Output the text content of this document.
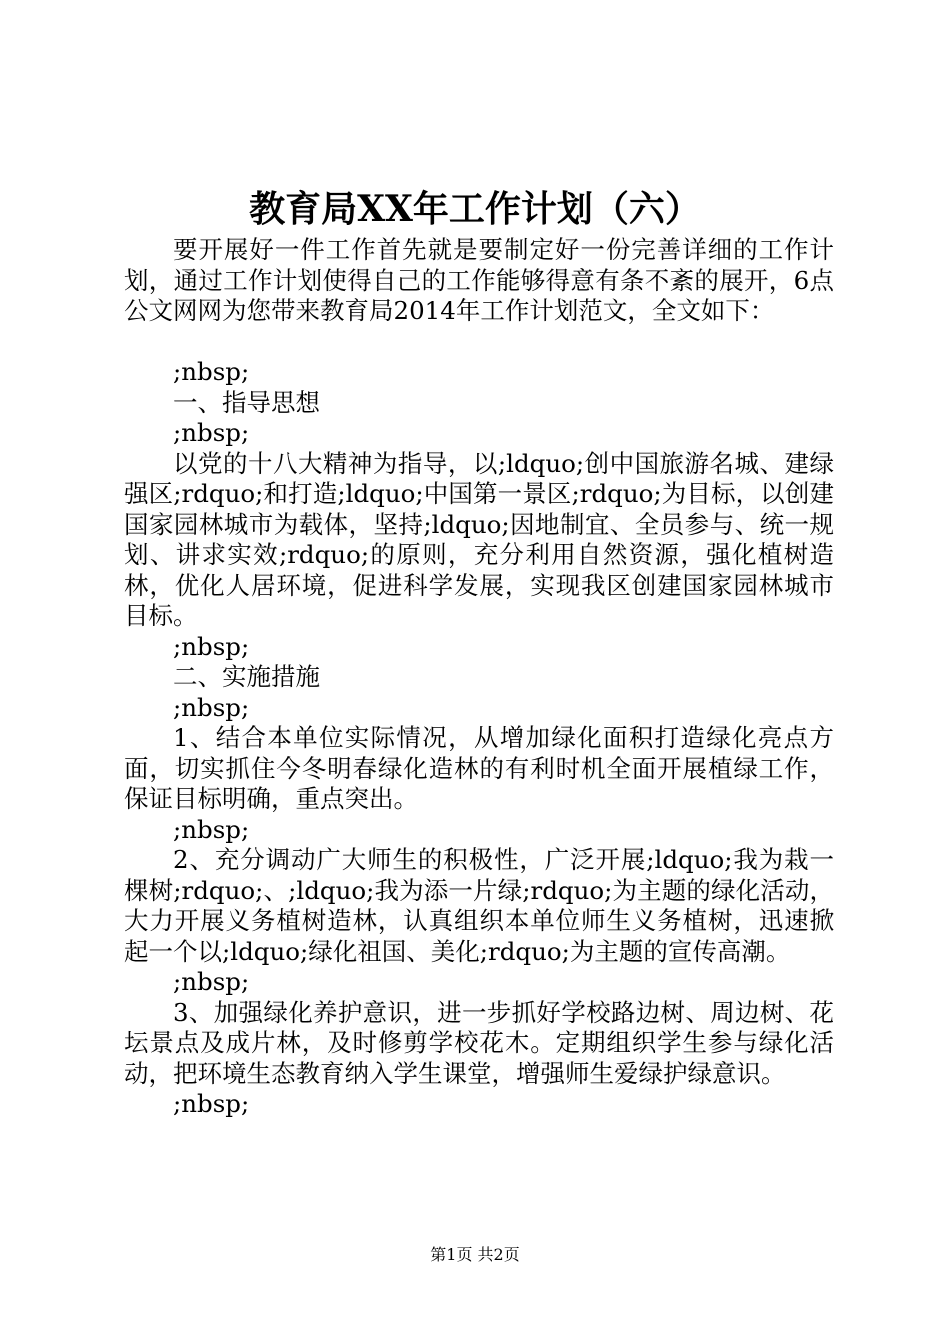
教育局XX年工作计划（六）

要开展好一件工作首先就是要制定好一份完善详细的工作计划，通过工作计划使得自己的工作能够得意有条不紊的展开，6点公文网网为您带来教育局2014年工作计划范文，全文如下：

;nbsp;

一、指导思想

;nbsp;

以党的十八大精神为指导，以;ldquo;创中国旅游名城、建绿强区;rdquo;和打造;ldquo;中国第一景区;rdquo;为目标，以创建国家园林城市为载体，坚持;ldquo;因地制宜、全员参与、统一规划、讲求实效;rdquo;的原则，充分利用自然资源，强化植树造林，优化人居环境，促进科学发展，实现我区创建国家园林城市目标。

;nbsp;

二、实施措施

;nbsp;

1、结合本单位实际情况，从增加绿化面积打造绿化亮点方面，切实抓住今冬明春绿化造林的有利时机全面开展植绿工作，保证目标明确，重点突出。

;nbsp;

2、充分调动广大师生的积极性，广泛开展;ldquo;我为栽一棵树;rdquo;、;ldquo;我为添一片绿;rdquo;为主题的绿化活动，大力开展义务植树造林，认真组织本单位师生义务植树，迅速掀起一个以;ldquo;绿化祖国、美化;rdquo;为主题的宣传高潮。

;nbsp;

3、加强绿化养护意识，进一步抓好学校路边树、周边树、花坛景点及成片林，及时修剪学校花木。定期组织学生参与绿化活动，把环境生态教育纳入学生课堂，增强师生爱绿护绿意识。

;nbsp;

第1页 共2页
